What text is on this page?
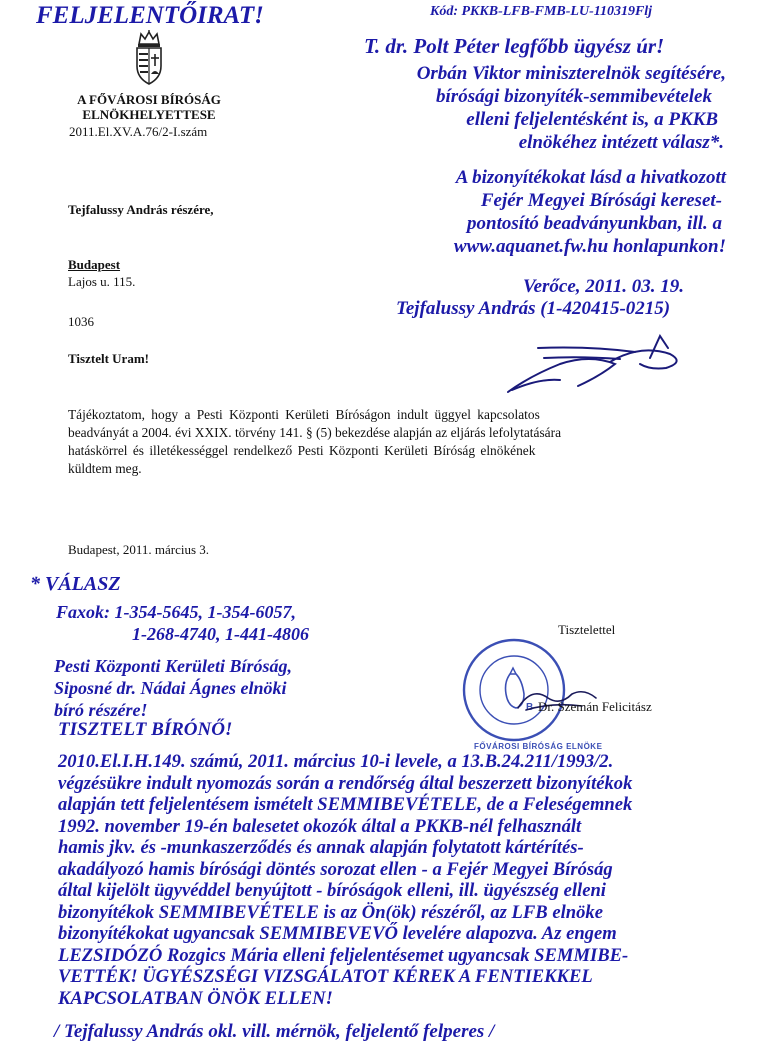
FELJELENTŐIRAT!	Kód: PKKB-LFB-FMB-LU-110319Flj
A FŐVÁROSI BÍRÓSÁG
ELNÖKHELYETTESE
2011.El.XV.A.76/2-I.szám
T. dr. Polt Péter legfőbb ügyész úr!
Orbán Viktor miniszterelnök segítésére,
bírósági bizonyíték-semmibevételek
elleni feljelentésként is, a PKKB
elnökéhez intézett válasz*.
A bizonyítékokat lásd a hivatkozott
Fejér Megyei Bírósági kereset-
pontosító beadványunkban, ill. a
www.aquanet.fw.hu honlapunkon!
Verőce, 2011. 03. 19.
Tejfalussy András (1-420415-0215)
Tejfalussy András részére,
Budapest
Lajos u. 115.
1036
Tisztelt Uram!
Tájékoztatom, hogy a Pesti Központi Kerületi Bíróságon indult üggyel kapcsolatos
beadványát a 2004. évi XXIX. törvény 141. § (5) bekezdése alapján az eljárás lefolytatására
hatáskörrel és illetékességgel rendelkező Pesti Központi Kerületi Bíróság elnökének
küldtem meg.
Budapest, 2011. március 3.
* VÁLASZ
Faxok: 1-354-5645, 1-354-6057,
1-268-4740, 1-441-4806
Pesti Központi Kerületi Bíróság,
Siposné dr. Nádai Ágnes elnöki
bíró részére!
TISZTELT BÍRÓNŐ!
Tisztelettel
B
FŐVÁROSI BÍRÓSÁG ELNÖKE
Dr. Szemán Felicitász
2010.El.I.H.149. számú, 2011. március 10-i levele, a 13.B.24.211/1993/2.
végzésükre indult nyomozás során a rendőrség által beszerzett bizonyítékok
alapján tett feljelentésem ismételt SEMMIBEVÉTELE, de a Feleségemnek
1992. november 19-én balesetet okozók által a PKKB-nél felhasznált
hamis jkv. és -munkaszerződés és annak alapján folytatott kártérítés-
akadályozó hamis bírósági döntés sorozat ellen - a Fejér Megyei Bíróság
által kijelölt ügyvéddel benyújtott - bíróságok elleni, ill. ügyészség elleni
bizonyítékok SEMMIBEVÉTELE is az Ön(ök) részéről, az LFB elnöke
bizonyítékokat ugyancsak SEMMIBEVEVŐ levelére alapozva. Az engem
LEZSIDÓZÓ Rozgics Mária elleni feljelentésemet ugyancsak SEMMIBE-
VETTÉK! ÜGYÉSZSÉGI VIZSGÁLATOT KÉREK A FENTIEKKEL
KAPCSOLATBAN ÖNÖK ELLEN!
/ Tejfalussy András okl. vill. mérnök, feljelentő felperes /
